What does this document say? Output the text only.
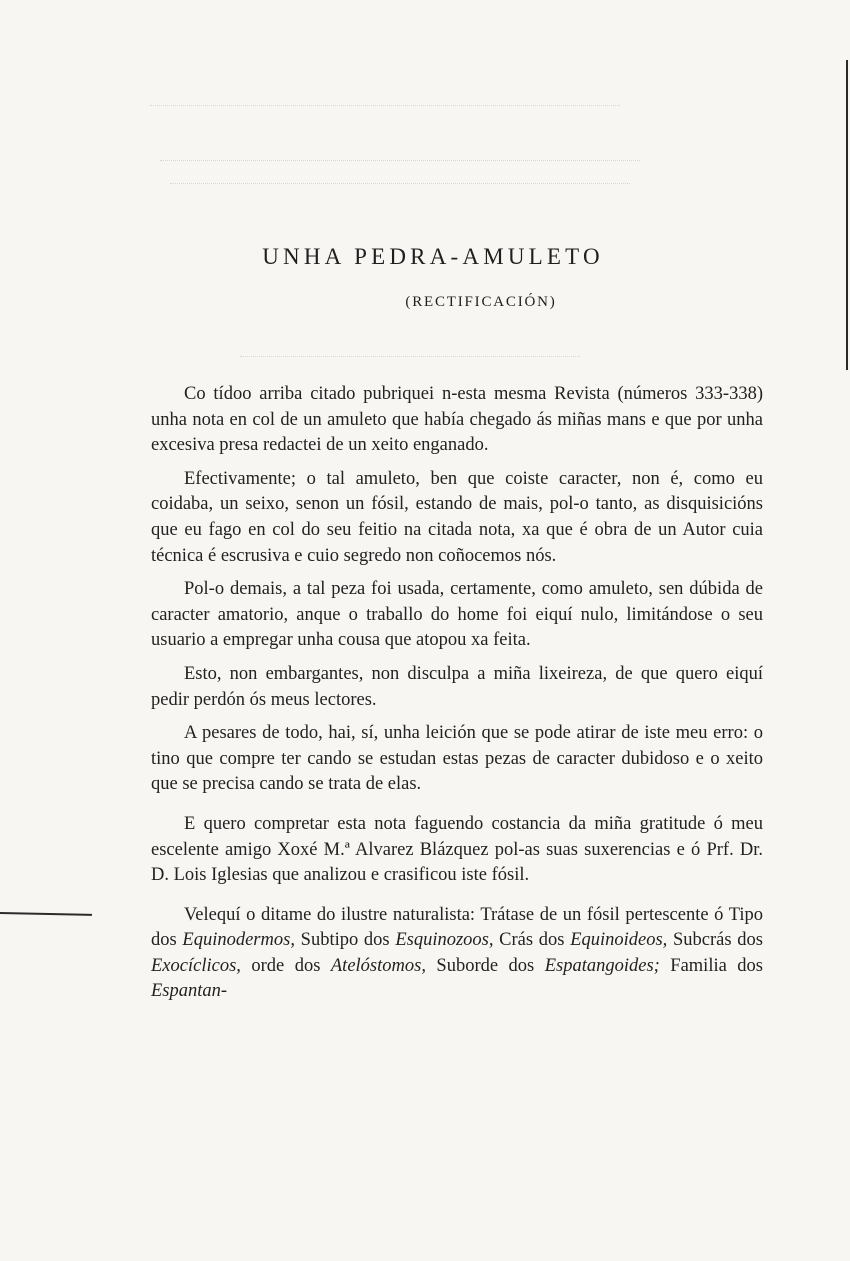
UNHA PEDRA-AMULETO
(RECTIFICACIÓN)

Co tídoo arriba citado pubriquei n-esta mesma Revista (números 333-338) unha nota en col de un amuleto que había chegado ás miñas mans e que por unha excesiva presa redactei de un xeito enganado.

Efectivamente; o tal amuleto, ben que coiste caracter, non é, como eu coidaba, un seixo, senon un fósil, estando de mais, pol-o tanto, as disquisicións que eu fago en col do seu feitio na citada nota, xa que é obra de un Autor cuia técnica é escrusiva e cuio segredo non coñocemos nós.

Pol-o demais, a tal peza foi usada, certamente, como amuleto, sen dúbida de caracter amatorio, anque o traballo do home foi eiquí nulo, limitándose o seu usuario a empregar unha cousa que atopou xa feita.

Esto, non embargantes, non disculpa a miña lixeireza, de que quero eiquí pedir perdón ós meus lectores.

A pesares de todo, hai, sí, unha leición que se pode atirar de iste meu erro: o tino que compre ter cando se estudan estas pezas de caracter dubidoso e o xeito que se precisa cando se trata de elas.

E quero compretar esta nota faguendo costancia da miña gratitude ó meu escelente amigo Xoxé M.ª Alvarez Blázquez pol-as suas suxerencias e ó Prf. Dr. D. Lois Iglesias que analizou e crasificou iste fósil.

Velequí o ditame do ilustre naturalista: Trátase de un fósil pertescente ó Tipo dos Equinodermos, Subtipo dos Esquinozoos, Crás dos Equinoideos, Subcrás dos Exocíclicos, orde dos Atelóstomos, Suborde dos Espatangoides; Familia dos Espantan-
